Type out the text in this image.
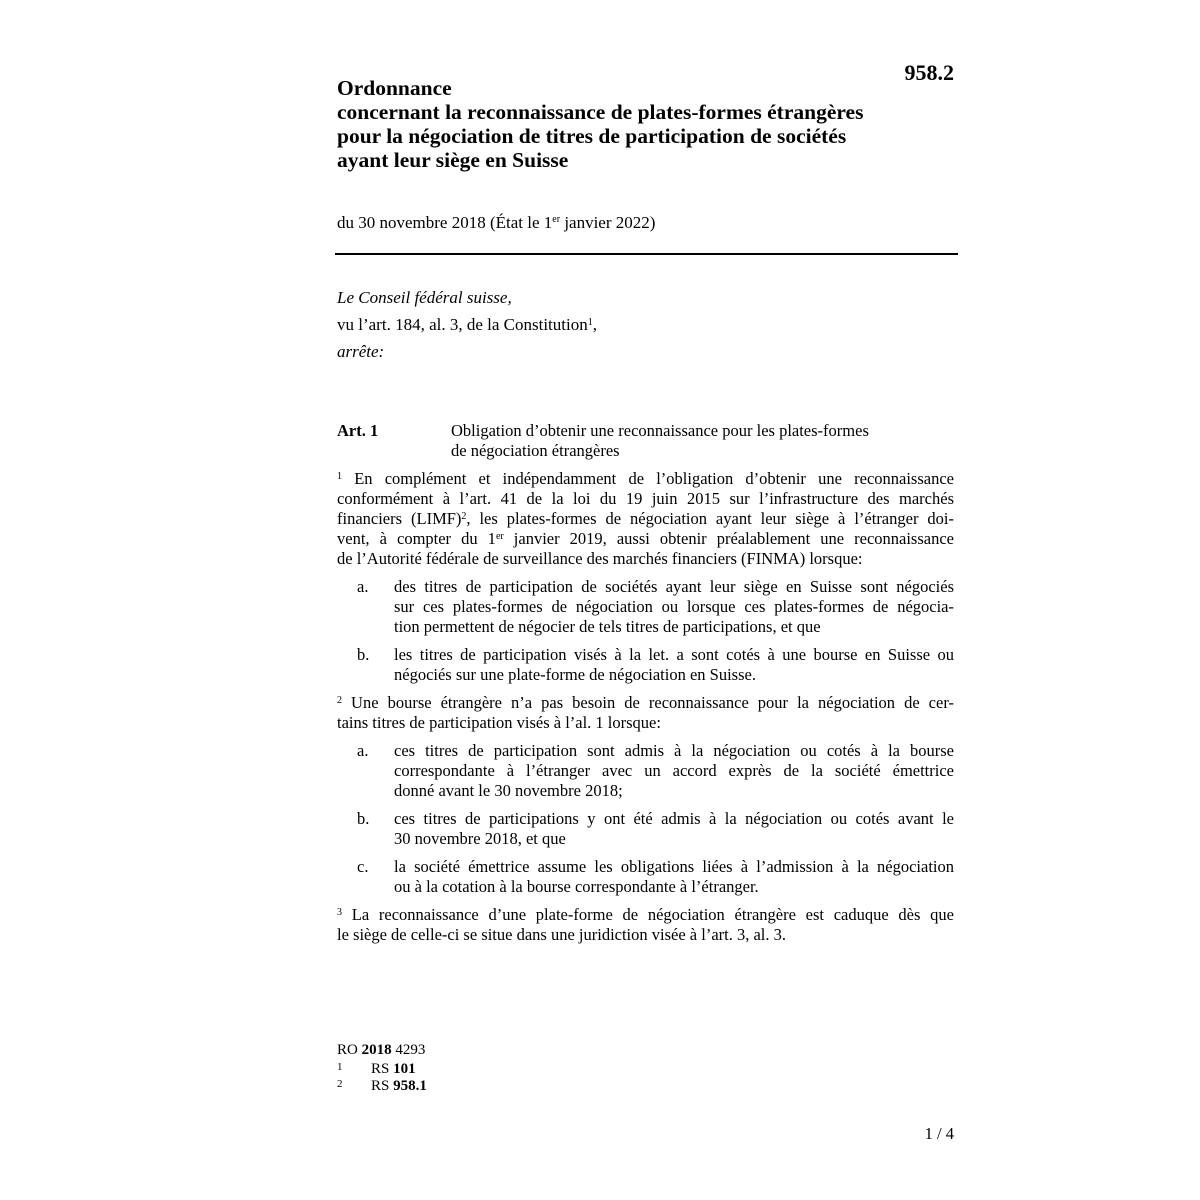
958.2
Ordonnance
concernant la reconnaissance de plates-formes étrangères
pour la négociation de titres de participation de sociétés
ayant leur siège en Suisse
du 30 novembre 2018 (État le 1er janvier 2022)
Le Conseil fédéral suisse,
vu l’art. 184, al. 3, de la Constitution$^1$,
arrête:
Art. 1	Obligation d’obtenir une reconnaissance pour les plates-formes
de négociation étrangères
$^1$ En complément et indépendamment de l’obligation d’obtenir une reconnaissance
conformément à l’art. 41 de la loi du 19 juin 2015 sur l’infrastructure des marchés
financiers (LIMF)$^2$, les plates-formes de négociation ayant leur siège à l’étranger doi-
vent, à compter du 1er janvier 2019, aussi obtenir préalablement une reconnaissance
de l’Autorité fédérale de surveillance des marchés financiers (FINMA) lorsque:
a.	des titres de participation de sociétés ayant leur siège en Suisse sont négociés
sur ces plates-formes de négociation ou lorsque ces plates-formes de négocia-
tion permettent de négocier de tels titres de participations, et que
b.	les titres de participation visés à la let. a sont cotés à une bourse en Suisse ou
négociés sur une plate-forme de négociation en Suisse.
$^2$ Une bourse étrangère n’a pas besoin de reconnaissance pour la négociation de cer-
tains titres de participation visés à l’al. 1 lorsque:
a.	ces titres de participation sont admis à la négociation ou cotés à la bourse
correspondante à l’étranger avec un accord exprès de la société émettrice
donné avant le 30 novembre 2018;
b.	ces titres de participations y ont été admis à la négociation ou cotés avant le
30 novembre 2018, et que
c.	la société émettrice assume les obligations liées à l’admission à la négociation
ou à la cotation à la bourse correspondante à l’étranger.
$^3$ La reconnaissance d’une plate-forme de négociation étrangère est caduque dès que
le siège de celle-ci se situe dans une juridiction visée à l’art. 3, al. 3.
RO 2018 4293
1	RS 101
2	RS 958.1
1 / 4
